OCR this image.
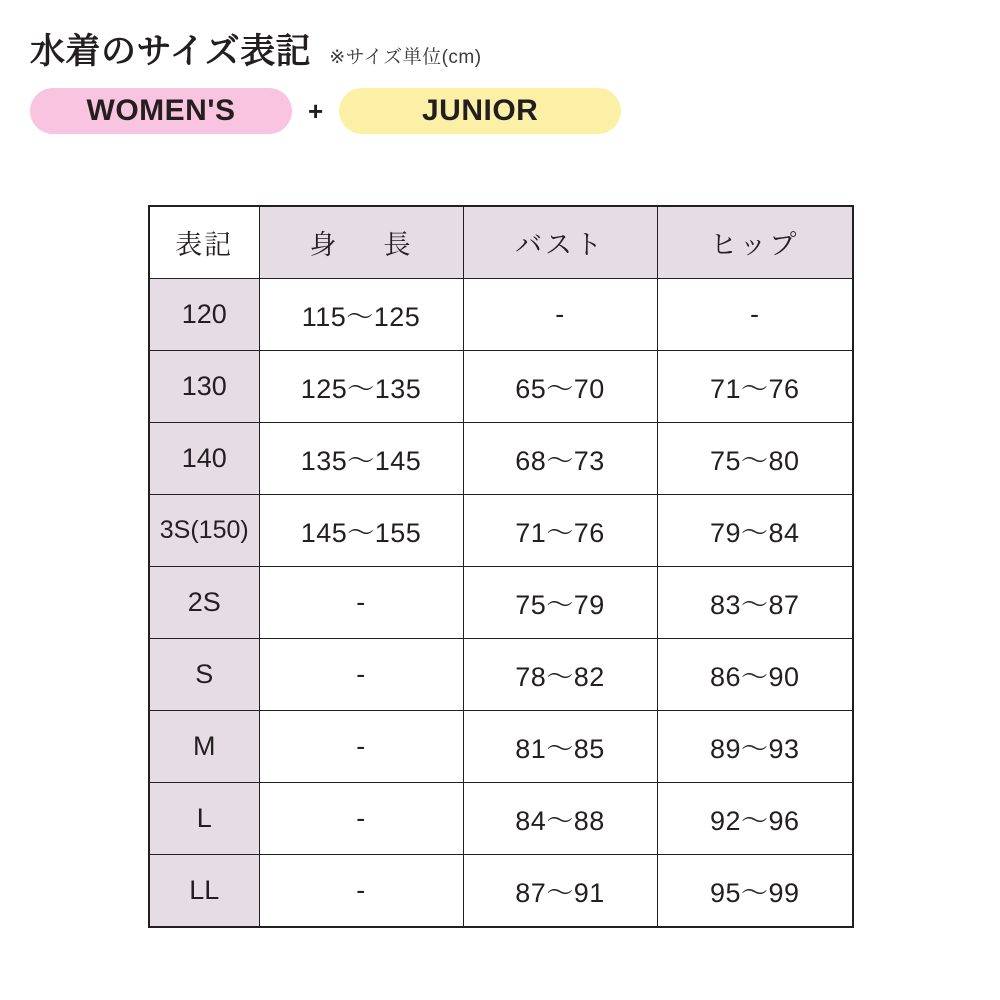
水着のサイズ表記 ※サイズ単位(cm)
WOMEN'S	+	JUNIOR
表記	身　長	バスト	ヒップ
120	115〜125	-	-
130	125〜135	65〜70	71〜76
140	135〜145	68〜73	75〜80
3S(150)	145〜155	71〜76	79〜84
2S	-	75〜79	83〜87
S	-	78〜82	86〜90
M	-	81〜85	89〜93
L	-	84〜88	92〜96
LL	-	87〜91	95〜99
